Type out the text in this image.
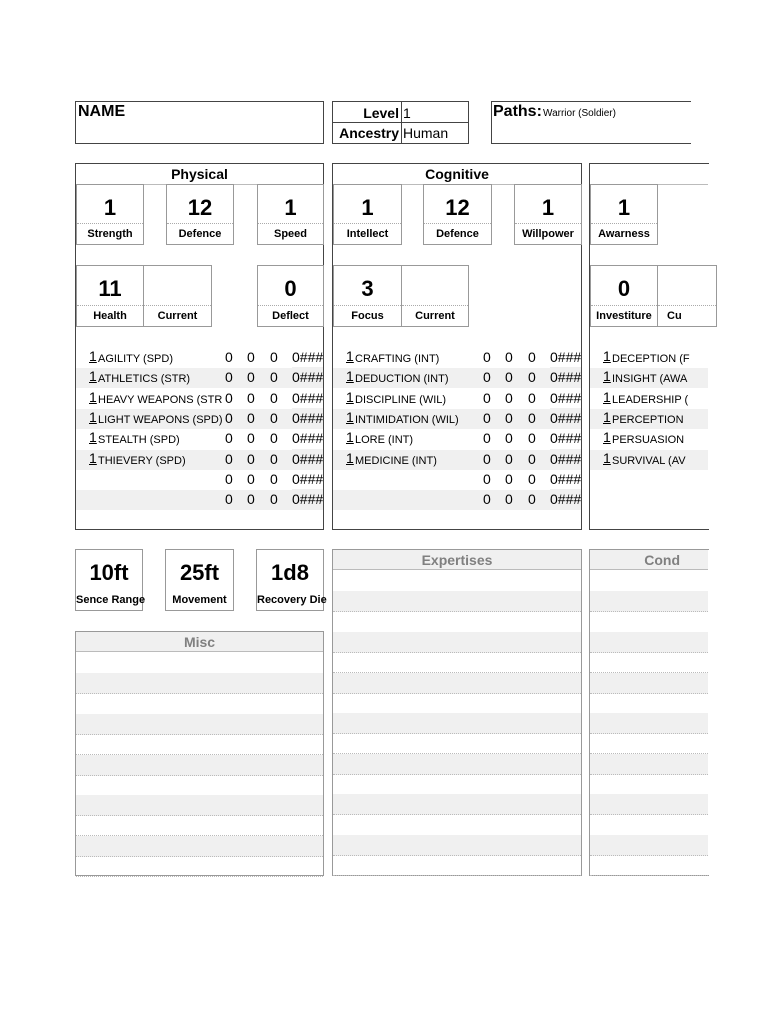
NAME	Level 1
Ancestry Human
Paths: Warrior (Soldier)
Physical
1
Strength
12
Defence
1
Speed
11
Health	Current
0
Deflect
1 AGILITY (SPD)	0 0 0 0###
1 ATHLETICS (STR) 0 0 0 0###
1 HEAVY WEAPONS (STR 0 0 0 0###
1 LIGHT WEAPONS (SPD) 0 0 0 0###
1 STEALTH (SPD)	0 0 0 0###
1 THIEVERY (SPD)	0 0 0 0###
0 0 0 0###
0 0 0 0###
Cognitive
1
Intellect
12
Defence
1
Willpower
3
Focus	Current
1 CRAFTING (INT)	0 0 0 0###
1 DEDUCTION (INT) 0 0 0 0###
1 DISCIPLINE (WIL)	0 0 0 0###
1 INTIMIDATION (WIL) 0 0 0 0###
1 LORE (INT)	0 0 0 0###
1 MEDICINE (INT)	0 0 0 0###
0 0 0 0###
0 0 0 0###
1
Awarness
0
Investiture	Cu
1 DECEPTION (F
1 INSIGHT (AWA
1 LEADERSHIP (
1 PERCEPTION
1 PERSUASION
1 SURVIVAL (AV
10ft
Sence Range
25ft
Movement
1d8
Recovery Die
Misc
Expertises	Cond
